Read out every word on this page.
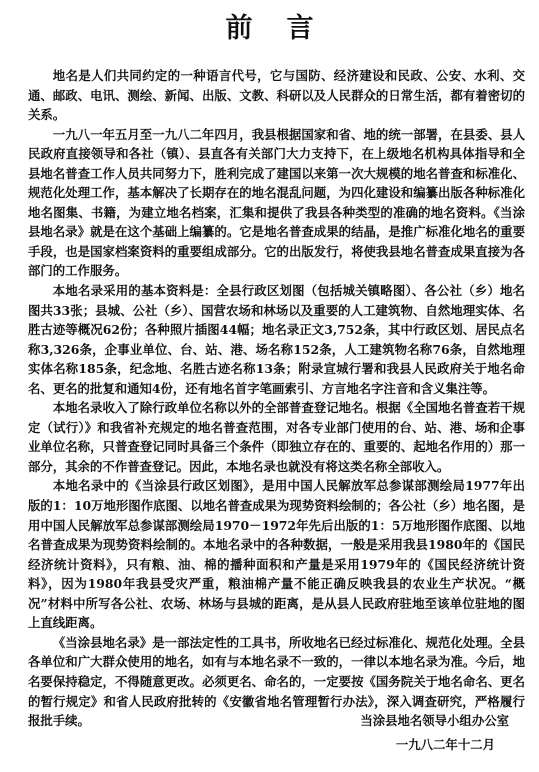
前 言

地名是人们共同约定的一种语言代号，它与国防、经济建设和民政、公安、水利、交通、邮政、电讯、测绘、新闻、出版、文教、科研以及人民群众的日常生活，都有着密切的关系。

一九八一年五月至一九八二年四月，我县根据国家和省、地的统一部署，在县委、县人民政府直接领导和各社（镇）、县直各有关部门大力支持下，在上级地名机构具体指导和全县地名普查工作人员共同努力下，胜利完成了建国以来第一次大规模的地名普查和标准化、规范化处理工作，基本解决了长期存在的地名混乱问题，为四化建设和编纂出版各种标准化地名图集、书籍，为建立地名档案，汇集和提供了我县各种类型的准确的地名资料。《当涂县地名录》就是在这个基础上编纂的。它是地名普查成果的结晶，是推广标准化地名的重要手段，也是国家档案资料的重要组成部分。它的出版发行，将使我县地名普查成果直接为各部门的工作服务。

本地名录采用的基本资料是：全县行政区划图（包括城关镇略图）、各公社（乡）地名图共33张；县城、公社（乡）、国营农场和林场以及重要的人工建筑物、自然地理实体、名胜古迹等概况62份；各种照片插图44幅；地名录正文3,752条，其中行政区划、居民点名称3,326条，企事业单位、台、站、港、场名称152条，人工建筑物名称76条，自然地理实体名称185条，纪念地、名胜古迹名称13条；附录宣城行署和我县人民政府关于地名命名、更名的批复和通知4份，还有地名首字笔画索引、方言地名字注音和含义集注等。

本地名录收入了除行政单位名称以外的全部普查登记地名。根据《全国地名普查若干规定（试行）》和我省补充规定的地名普查范围，对各专业部门使用的台、站、港、场和企事业单位名称，只普查登记同时具备三个条件（即独立存在的、重要的、起地名作用的）那一部分，其余的不作普查登记。因此，本地名录也就没有将这类名称全部收入。

本地名录中的《当涂县行政区划图》，是用中国人民解放军总参谋部测绘局1977年出版的1：10万地形图作底图、以地名普查成果为现势资料绘制的；各公社（乡）地名图，是用中国人民解放军总参谋部测绘局1970－1972年先后出版的1：5万地形图作底图、以地名普查成果为现势资料绘制的。本地名录中的各种数据，一般是采用我县1980年的《国民经济统计资料》，只有粮、油、棉的播种面积和产量是采用1979年的《国民经济统计资料》，因为1980年我县受灾严重，粮油棉产量不能正确反映我县的农业生产状况。“概况”材料中所写各公社、农场、林场与县城的距离，是从县人民政府驻地至该单位驻地的图上直线距离。

《当涂县地名录》是一部法定性的工具书，所收地名已经过标准化、规范化处理。全县各单位和广大群众使用的地名，如有与本地名录不一致的，一律以本地名录为准。今后，地名要保持稳定，不得随意更改。必须更名、命名的，一定要按《国务院关于地名命名、更名的暂行规定》和省人民政府批转的《安徽省地名管理暂行办法》，深入调查研究，严格履行报批手续。	当涂县地名领导小组办公室
一九八二年十二月
